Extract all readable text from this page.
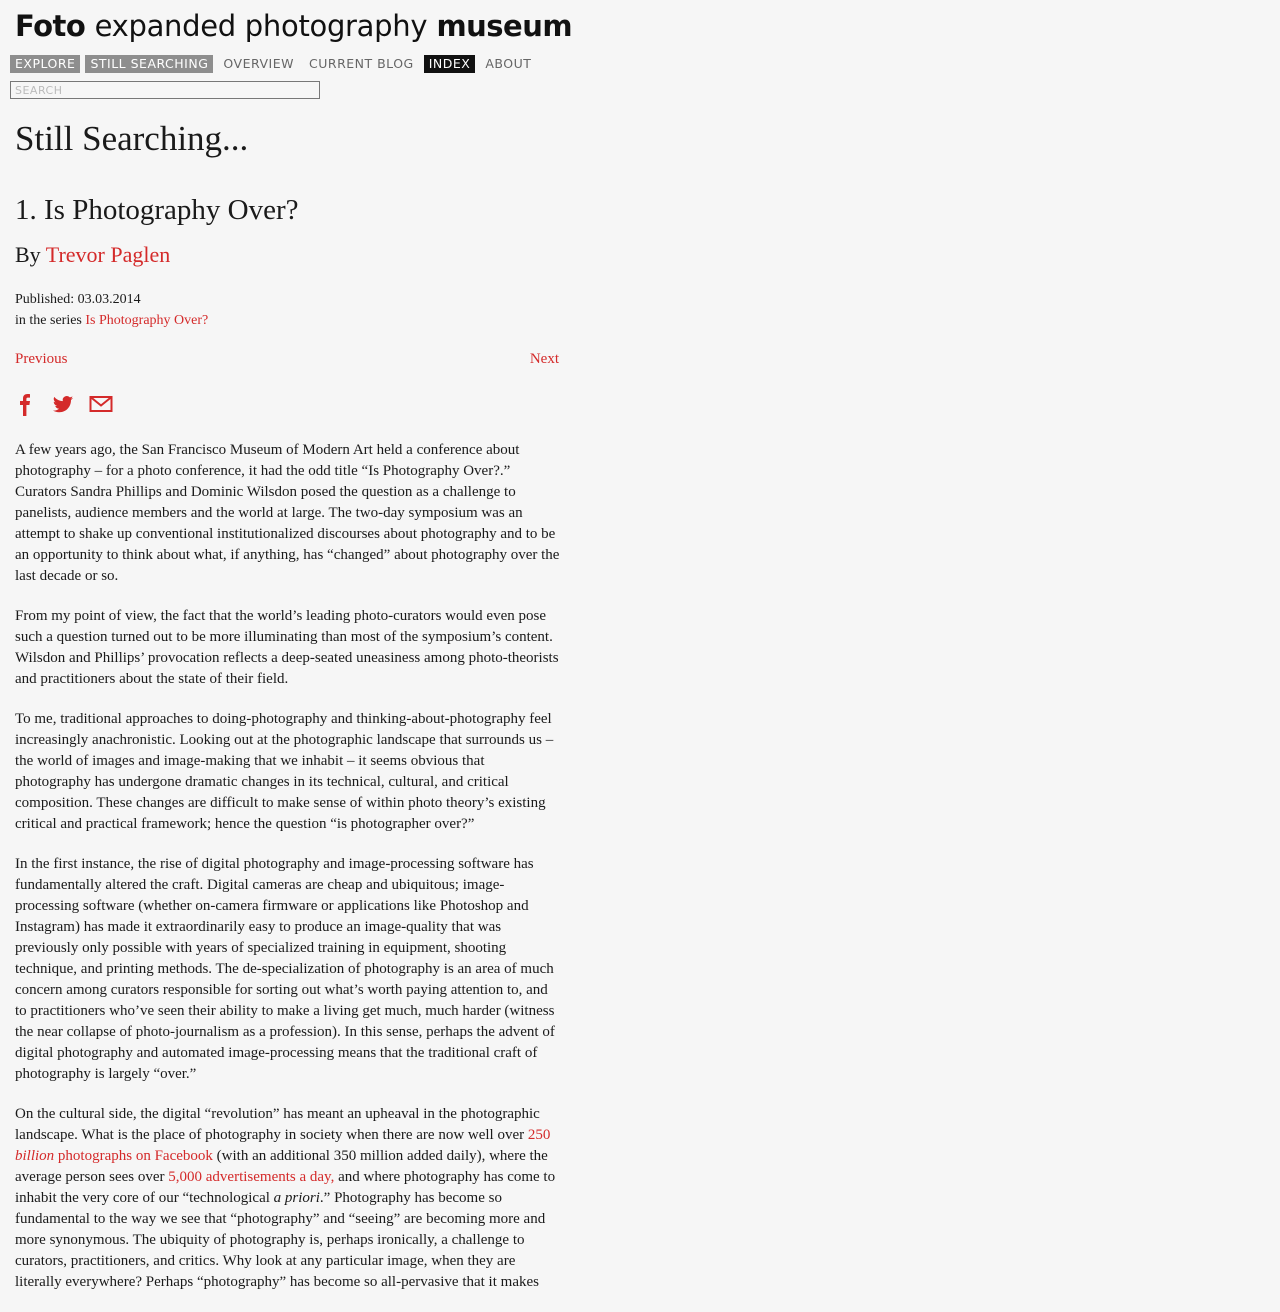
Foto expanded photography museum
EXPLORE	STILL SEARCHING	OVERVIEW	CURRENT BLOG	INDEX	ABOUT
SEARCH
Still Searching...
1. Is Photography Over?
By Trevor Paglen
Published: 03.03.2014
in the series Is Photography Over?
Previous	Next

A few years ago, the San Francisco Museum of Modern Art held a conference about photography – for a photo conference, it had the odd title “Is Photography Over?.” Curators Sandra Phillips and Dominic Wilsdon posed the question as a challenge to panelists, audience members and the world at large. The two-day symposium was an attempt to shake up conventional institutionalized discourses about photography and to be an opportunity to think about what, if anything, has “changed” about photography over the last decade or so.

From my point of view, the fact that the world’s leading photo-curators would even pose such a question turned out to be more illuminating than most of the symposium’s content. Wilsdon and Phillips’ provocation reflects a deep-seated uneasiness among photo-theorists and practitioners about the state of their field.

To me, traditional approaches to doing-photography and thinking-about-photography feel increasingly anachronistic. Looking out at the photographic landscape that surrounds us – the world of images and image-making that we inhabit – it seems obvious that photography has undergone dramatic changes in its technical, cultural, and critical composition. These changes are difficult to make sense of within photo theory’s existing critical and practical framework; hence the question “is photographer over?”

In the first instance, the rise of digital photography and image-processing software has fundamentally altered the craft. Digital cameras are cheap and ubiquitous; image-processing software (whether on-camera firmware or applications like Photoshop and Instagram) has made it extraordinarily easy to produce an image-quality that was previously only possible with years of specialized training in equipment, shooting technique, and printing methods. The de-specialization of photography is an area of much concern among curators responsible for sorting out what’s worth paying attention to, and to practitioners who’ve seen their ability to make a living get much, much harder (witness the near collapse of photo-journalism as a profession). In this sense, perhaps the advent of digital photography and automated image-processing means that the traditional craft of photography is largely “over.”

On the cultural side, the digital “revolution” has meant an upheaval in the photographic landscape. What is the place of photography in society when there are now well over 250 billion photographs on Facebook (with an additional 350 million added daily), where the average person sees over 5,000 advertisements a day, and where photography has come to inhabit the very core of our “technological a priori.” Photography has become so fundamental to the way we see that “photography” and “seeing” are becoming more and more synonymous. The ubiquity of photography is, perhaps ironically, a challenge to curators, practitioners, and critics. Why look at any particular image, when they are literally everywhere? Perhaps “photography” has become so all-pervasive that it makes
